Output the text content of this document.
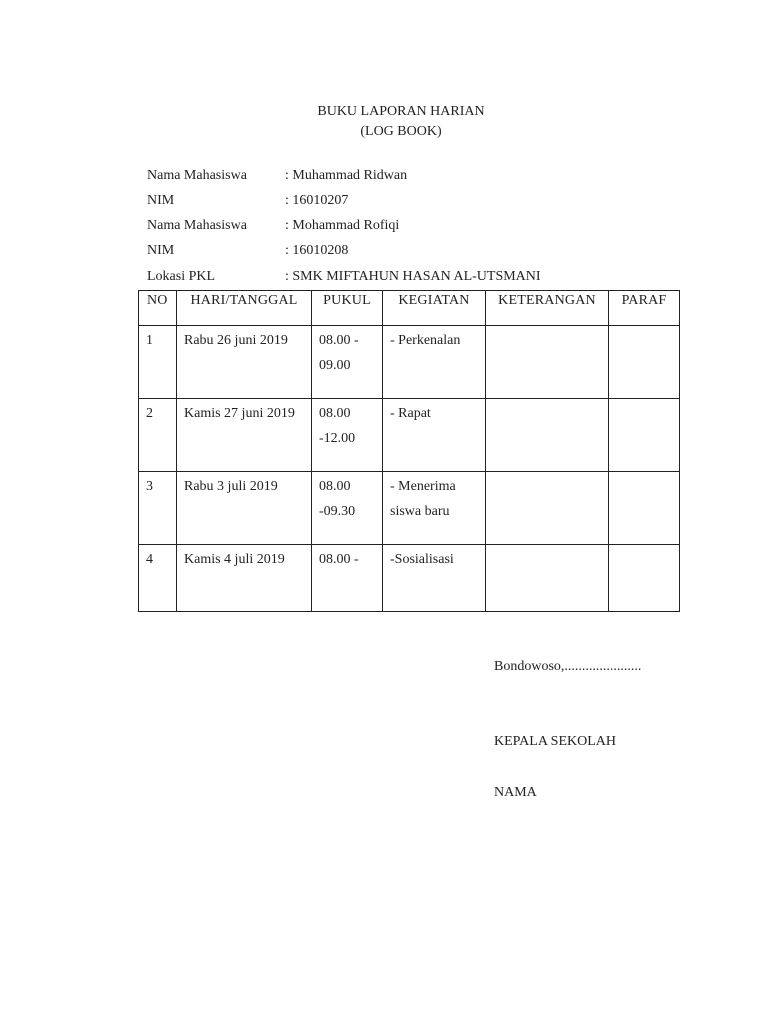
BUKU LAPORAN HARIAN
(LOG BOOK)
Nama Mahasiswa	: Muhammad Ridwan
NIM	: 16010207
Nama Mahasiswa	: Mohammad Rofiqi
NIM	: 16010208
Lokasi PKL	: SMK MIFTAHUN HASAN AL-UTSMANI
NO	HARI/TANGGAL	PUKUL	KEGIATAN	KETERANGAN	PARAF
1	Rabu 26 juni 2019	08.00 - 09.00	- Perkenalan		
2	Kamis 27 juni 2019	08.00 -12.00	- Rapat		
3	Rabu 3 juli 2019	08.00 -09.30	- Menerima siswa baru		
4	Kamis 4 juli 2019	08.00 -	-Sosialisasi		
Bondowoso,......................
KEPALA SEKOLAH
NAMA
